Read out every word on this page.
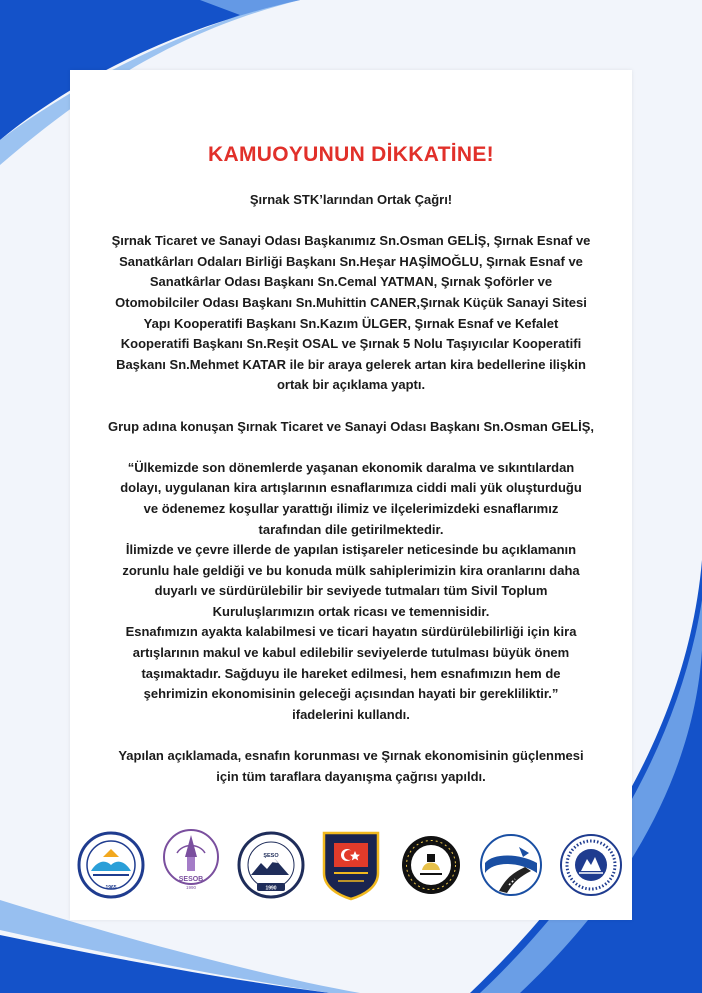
KAMUOYUNUN DİKKATİNE!

Şırnak STK’larından Ortak Çağrı!

Şırnak Ticaret ve Sanayi Odası Başkanımız Sn.Osman GELİŞ, Şırnak Esnaf ve

Sanatkârları Odaları Birliği Başkanı Sn.Heşar HAŞİMOĞLU, Şırnak Esnaf ve

Sanatkârlar Odası Başkanı Sn.Cemal YATMAN, Şırnak Şoförler ve

Otomobilciler Odası Başkanı Sn.Muhittin CANER,Şırnak Küçük Sanayi Sitesi

Yapı Kooperatifi Başkanı Sn.Kazım ÜLGER, Şırnak Esnaf ve Kefalet

Kooperatifi Başkanı Sn.Reşit OSAL ve Şırnak 5 Nolu Taşıyıcılar Kooperatifi

Başkanı Sn.Mehmet KATAR ile bir araya gelerek artan kira bedellerine ilişkin

ortak bir açıklama yaptı.

Grup adına konuşan Şırnak Ticaret ve Sanayi Odası Başkanı Sn.Osman GELİŞ,

“Ülkemizde son dönemlerde yaşanan ekonomik daralma ve sıkıntılardan

dolayı, uygulanan kira artışlarının esnaflarımıza ciddi mali yük oluşturduğu

ve ödenemez koşullar yarattığı ilimiz ve ilçelerimizdeki esnaflarımız

tarafından dile getirilmektedir.

İlimizde ve çevre illerde de yapılan istişareler neticesinde bu açıklamanın

zorunlu hale geldiği ve bu konuda mülk sahiplerimizin kira oranlarını daha

duyarlı ve sürdürülebilir bir seviyede tutmaları tüm Sivil Toplum

Kuruluşlarımızın ortak ricası ve temennisidir.

Esnafımızın ayakta kalabilmesi ve ticari hayatın sürdürülebilirliği için kira

artışlarının makul ve kabul edilebilir seviyelerde tutulması büyük önem

taşımaktadır. Sağduyu ile hareket edilmesi, hem esnafımızın hem de

şehrimizin ekonomisinin geleceği açısından hayati bir gerekliliktir.”

ifadelerini kullandı.

Yapılan açıklamada, esnafın korunması ve Şırnak ekonomisinin güçlenmesi

için tüm taraflara dayanışma çağrısı yapıldı.

1965
ŞESOB
1990
ŞESO
1990
